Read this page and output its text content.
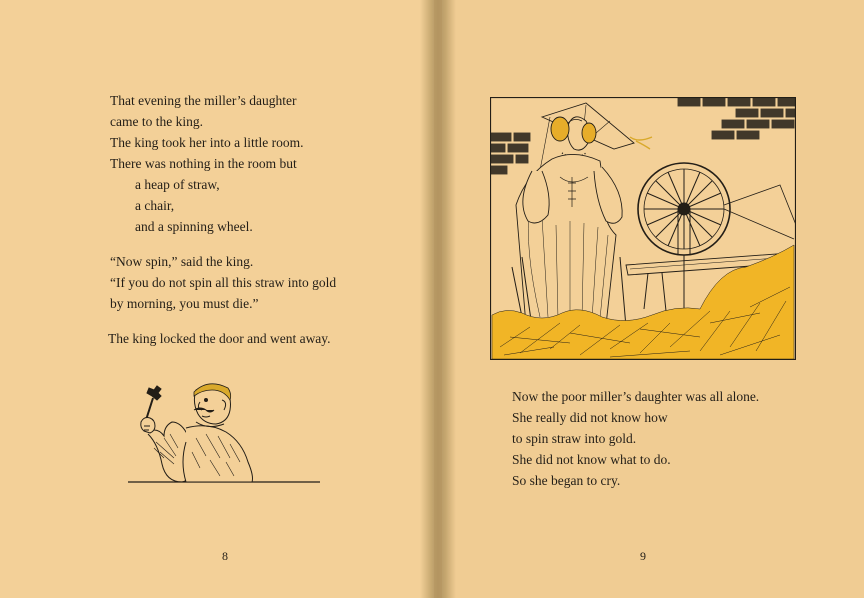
That evening the miller’s daughter
came to the king.
The king took her into a little room.
There was nothing in the room but
a heap of straw,
a chair,
and a spinning wheel.
“Now spin,” said the king.
“If you do not spin all this straw into gold
by morning, you must die.”
The king locked the door and went away.
8
Now the poor miller’s daughter was all alone.
She really did not know how
to spin straw into gold.
She did not know what to do.
So she began to cry.
9
